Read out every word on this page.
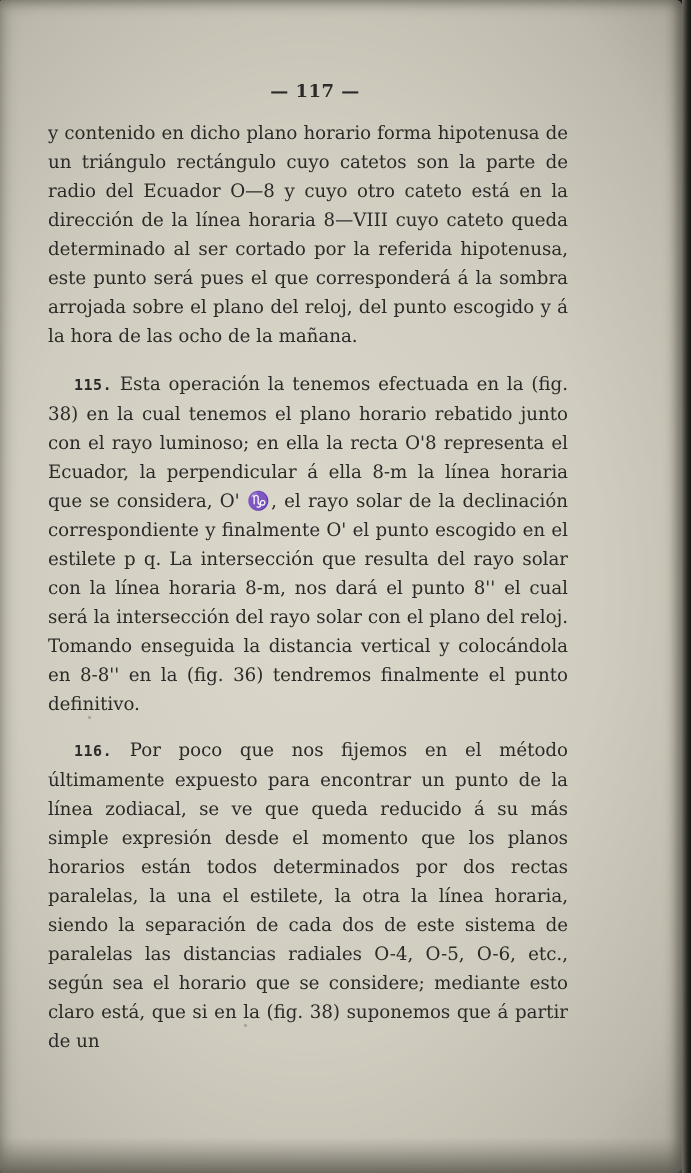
— 117 —

y contenido en dicho plano horario forma hipotenusa de un triángulo rectángulo cuyo catetos son la parte de radio del Ecuador O—8 y cuyo otro cateto está en la dirección de la línea horaria 8—VIII cuyo cateto queda determinado al ser cortado por la referida hipotenusa, este punto será pues el que corresponderá á la sombra arrojada sobre el plano del reloj, del punto escogido y á la hora de las ocho de la mañana.

115. Esta operación la tenemos efectuada en la (fig. 38) en la cual tenemos el plano horario rebatido junto con el rayo luminoso; en ella la recta O'8 representa el Ecuador, la perpendicular á ella 8-m la línea horaria que se considera, O' ♑, el rayo solar de la declinación correspondiente y finalmente O' el punto escogido en el estilete p q. La intersección que resulta del rayo solar con la línea horaria 8-m, nos dará el punto 8'' el cual será la intersección del rayo solar con el plano del reloj. Tomando enseguida la distancia vertical y colocándola en 8-8'' en la (fig. 36) tendremos finalmente el punto definitivo.

116. Por poco que nos fijemos en el método últimamente expuesto para encontrar un punto de la línea zodiacal, se ve que queda reducido á su más simple expresión desde el momento que los planos horarios están todos determinados por dos rectas paralelas, la una el estilete, la otra la línea horaria, siendo la separación de cada dos de este sistema de paralelas las distancias radiales O-4, O-5, O-6, etc., según sea el horario que se considere; mediante esto claro está, que si en la (fig. 38) suponemos que á partir de un
